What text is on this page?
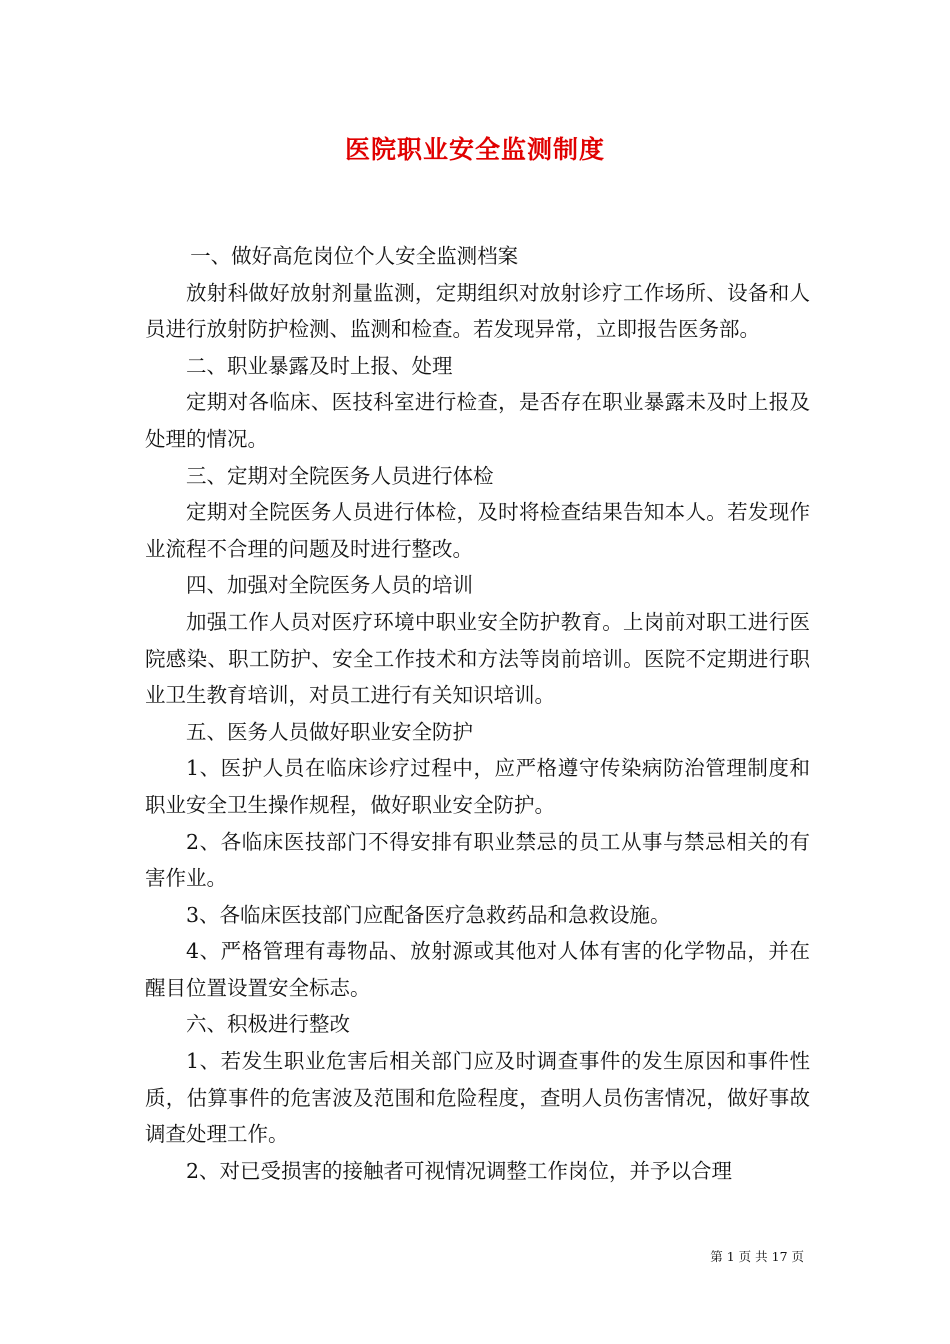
医院职业安全监测制度

一、做好高危岗位个人安全监测档案

放射科做好放射剂量监测，定期组织对放射诊疗工作场所、设备和人员进行放射防护检测、监测和检查。若发现异常，立即报告医务部。

二、职业暴露及时上报、处理

定期对各临床、医技科室进行检查，是否存在职业暴露未及时上报及处理的情况。

三、定期对全院医务人员进行体检

定期对全院医务人员进行体检，及时将检查结果告知本人。若发现作业流程不合理的问题及时进行整改。

四、加强对全院医务人员的培训

加强工作人员对医疗环境中职业安全防护教育。上岗前对职工进行医院感染、职工防护、安全工作技术和方法等岗前培训。医院不定期进行职业卫生教育培训，对员工进行有关知识培训。

五、医务人员做好职业安全防护

1、医护人员在临床诊疗过程中，应严格遵守传染病防治管理制度和职业安全卫生操作规程，做好职业安全防护。

2、各临床医技部门不得安排有职业禁忌的员工从事与禁忌相关的有害作业。

3、各临床医技部门应配备医疗急救药品和急救设施。

4、严格管理有毒物品、放射源或其他对人体有害的化学物品，并在醒目位置设置安全标志。

六、积极进行整改

1、若发生职业危害后相关部门应及时调查事件的发生原因和事件性质，估算事件的危害波及范围和危险程度，查明人员伤害情况，做好事故调查处理工作。

2、对已受损害的接触者可视情况调整工作岗位，并予以合理

第 1 页 共 17 页
